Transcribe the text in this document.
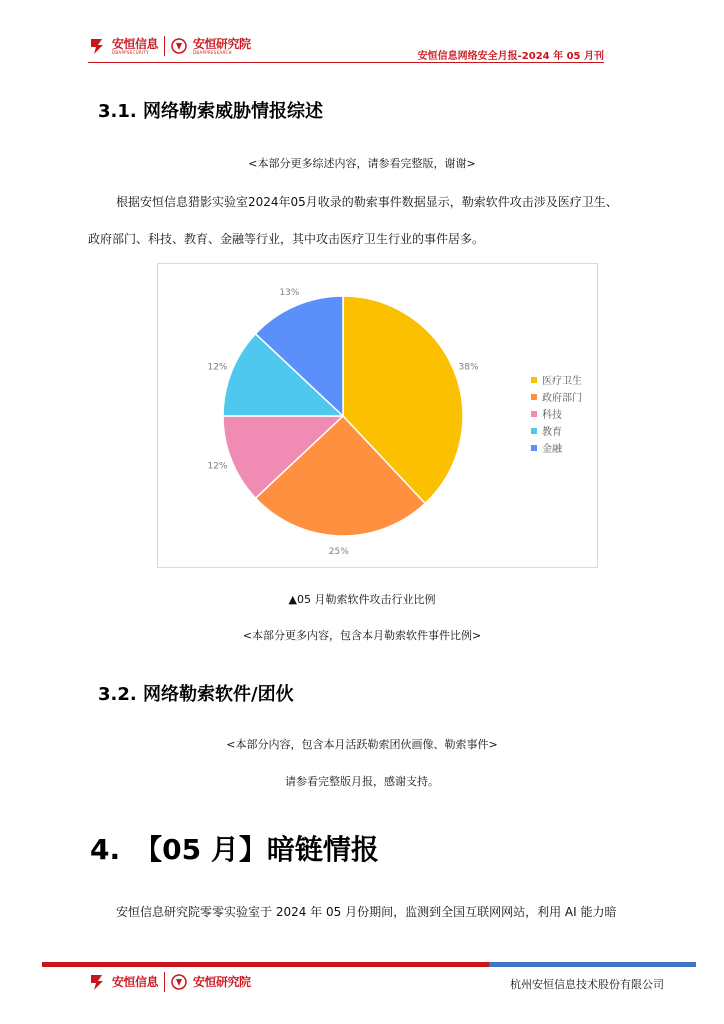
安恒信息
DBAPPSECURITY
安恒研究院
DBAPPRESEARCH	安恒信息网络安全月报-2024 年 05 月刊
3.1. 网络勒索威胁情报综述
<本部分更多综述内容，请参看完整版，谢谢>
根据安恒信息猎影实验室2024年05月收录的勒索事件数据显示，勒索软件攻击涉及医疗卫生、
政府部门、科技、教育、金融等行业，其中攻击医疗卫生行业的事件居多。
38%
25%
12%
12%
13%
医疗卫生
政府部门
科技
教育
金融
▲05 月勒索软件攻击行业比例
<本部分更多内容，包含本月勒索软件事件比例>
3.2. 网络勒索软件/团伙
<本部分内容，包含本月活跃勒索团伙画像、勒索事件>
请参看完整版月报，感谢支持。
4.　【05 月】暗链情报
安恒信息研究院零零实验室于 2024 年 05 月份期间，监测到全国互联网网站，利用 AI 能力暗
安恒信息	安恒研究院	杭州安恒信息技术股份有限公司
